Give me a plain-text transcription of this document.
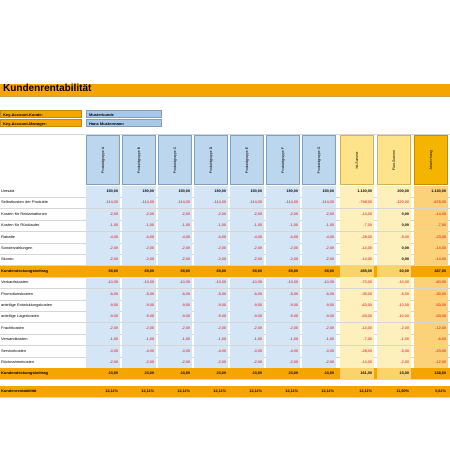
Kundenrentabilität
Key-Account-Kunde:	Musterkunde
Key-Account-Manager:	Hans Mustermann
Produktgruppe A	Produktgruppe B	Produktgruppe C	Produktgruppe D	Produktgruppe E	Produktgruppe F	Produktgruppe G	Ist-Summe	Plan-Summe	Abweichung
Umsatz	150,00	150,00	150,00	150,00	150,00	150,00	150,00	1.130,00	200,00	1.130,00
Selbstkosten der Produkte	-114,00	-114,00	-114,00	-114,00	-114,00	-114,00	-114,00	-798,00	-120,00	-678,00
Kosten für Reklamationen	-2,00	-2,00	-2,00	-2,00	-2,00	-2,00	-2,00	-14,00	0,00	-14,00
Kosten für Rücklaufer	-1,00	-1,00	-1,00	-1,00	-1,00	-1,00	-1,00	-7,00	0,00	-7,00
Rabatte	-4,00	-4,00	-4,00	-4,00	-4,00	-4,00	-4,00	-28,00	-5,00	-23,00
Sonderzahlungen	-2,00	-2,00	-2,00	-2,00	-2,00	-2,00	-2,00	-14,00	0,00	-14,00
Skonto	-2,00	-2,00	-2,00	-2,00	-2,00	-2,00	-2,00	-14,00	0,00	-14,00
Kundendeckungsbeitrag	65,00	65,00	65,00	65,00	65,00	65,00	65,00	455,00	60,00	387,00
Verkaufskosten	-10,00	-10,00	-10,00	-10,00	-10,00	-10,00	-10,00	-70,00	-10,00	-60,00
Promotionskosten	-5,00	-5,00	-5,00	-5,00	-5,00	-5,00	-5,00	-35,00	-5,00	-30,00
anteilige Entwicklungskosten	-9,00	-9,00	-9,00	-9,00	-9,00	-9,00	-9,00	-63,00	-10,00	-53,00
anteilige Lagerkosten	-9,00	-9,00	-9,00	-9,00	-9,00	-9,00	-9,00	-63,00	-10,00	-53,00
Frachtkosten	-2,00	-2,00	-2,00	-2,00	-2,00	-2,00	-2,00	-14,00	-2,00	-12,00
Versandkosten	-1,00	-1,00	-1,00	-1,00	-1,00	-1,00	-1,00	-7,00	-1,00	-6,00
Servicekosten	-4,00	-4,00	-4,00	-4,00	-4,00	-4,00	-4,00	-28,00	-5,00	-23,00
Rücknahmekosten	-2,00	-2,00	-2,00	-2,00	-2,00	-2,00	-2,00	-14,00	-2,00	-12,00
Kundendeckungsbeitrag	23,00	23,00	23,00	23,00	23,00	23,00	23,00	161,00	23,00	138,00
Kundenrentabilität	12,11%	12,11%	12,11%	12,11%	12,11%	12,11%	12,11%	12,11%	11,50%	0,61%
